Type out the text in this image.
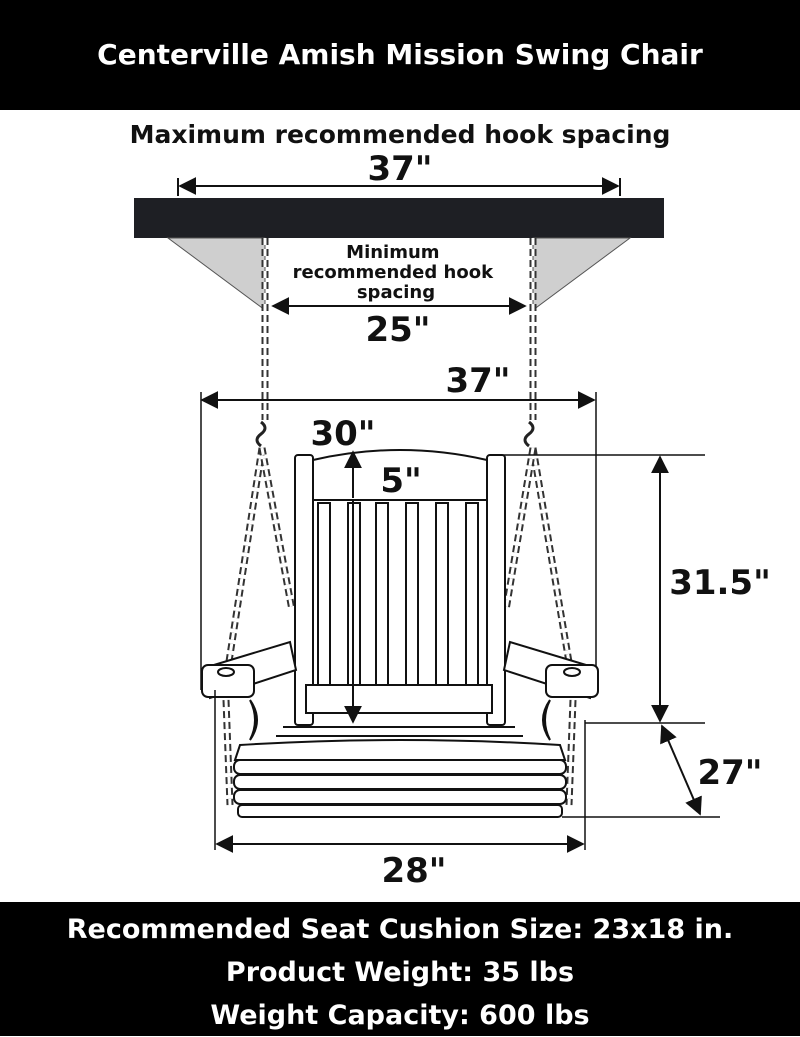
Centerville Amish Mission Swing Chair
Maximum recommended hook spacing
37"
Minimum recommended hook spacing
25"
37"
30"
5"
31.5"
27"
28"
Recommended Seat Cushion Size: 23x18 in.
Product Weight: 35 lbs
Weight Capacity: 600 lbs
